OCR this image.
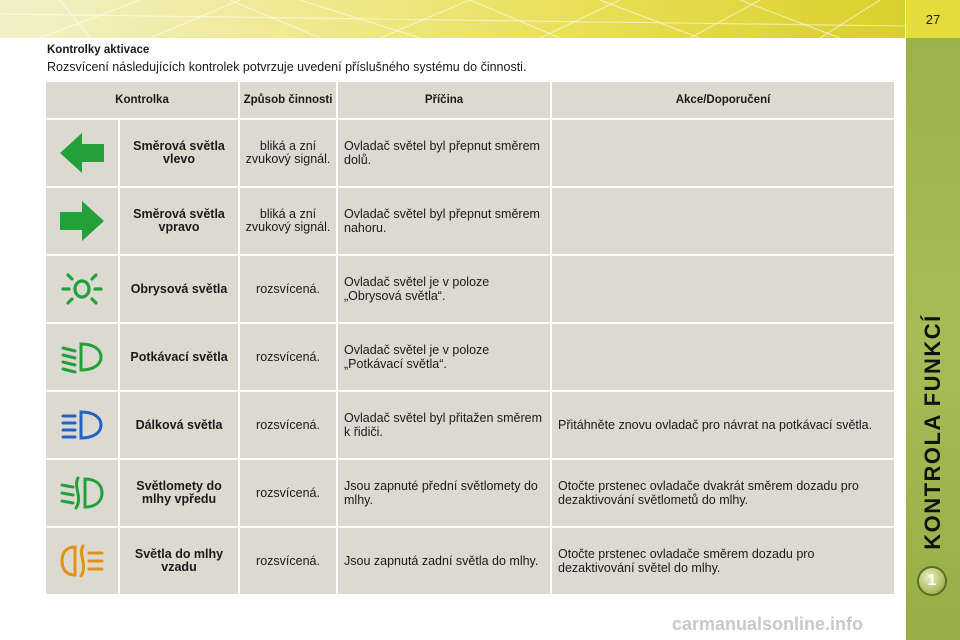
27
KONTROLA FUNKCÍ
1
Kontrolky aktivace
Rozsvícení následujících kontrolek potvrzuje uvedení příslušného systému do činnosti.
Kontrolka		Způsob činnosti	Příčina	Akce/Doporučení
	Směrová světla vlevo	bliká a zní zvukový signál.	Ovladač světel byl přepnut směrem dolů.	
	Směrová světla vpravo	bliká a zní zvukový signál.	Ovladač světel byl přepnut směrem nahoru.	
	Obrysová světla	rozsvícená.	Ovladač světel je v poloze „Obrysová světla“.	
	Potkávací světla	rozsvícená.	Ovladač světel je v poloze „Potkávací světla“.	
	Dálková světla	rozsvícená.	Ovladač světel byl přitažen směrem k řidiči.	Přitáhněte znovu ovladač pro návrat na potkávací světla.
	Světlomety do mlhy vpředu	rozsvícená.	Jsou zapnuté přední světlomety do mlhy.	Otočte prstenec ovladače dvakrát směrem dozadu pro dezaktivování světlometů do mlhy.
	Světla do mlhy vzadu	rozsvícená.	Jsou zapnutá zadní světla do mlhy.	Otočte prstenec ovladače směrem dozadu pro dezaktivování světel do mlhy.
carmanualsonline.info
